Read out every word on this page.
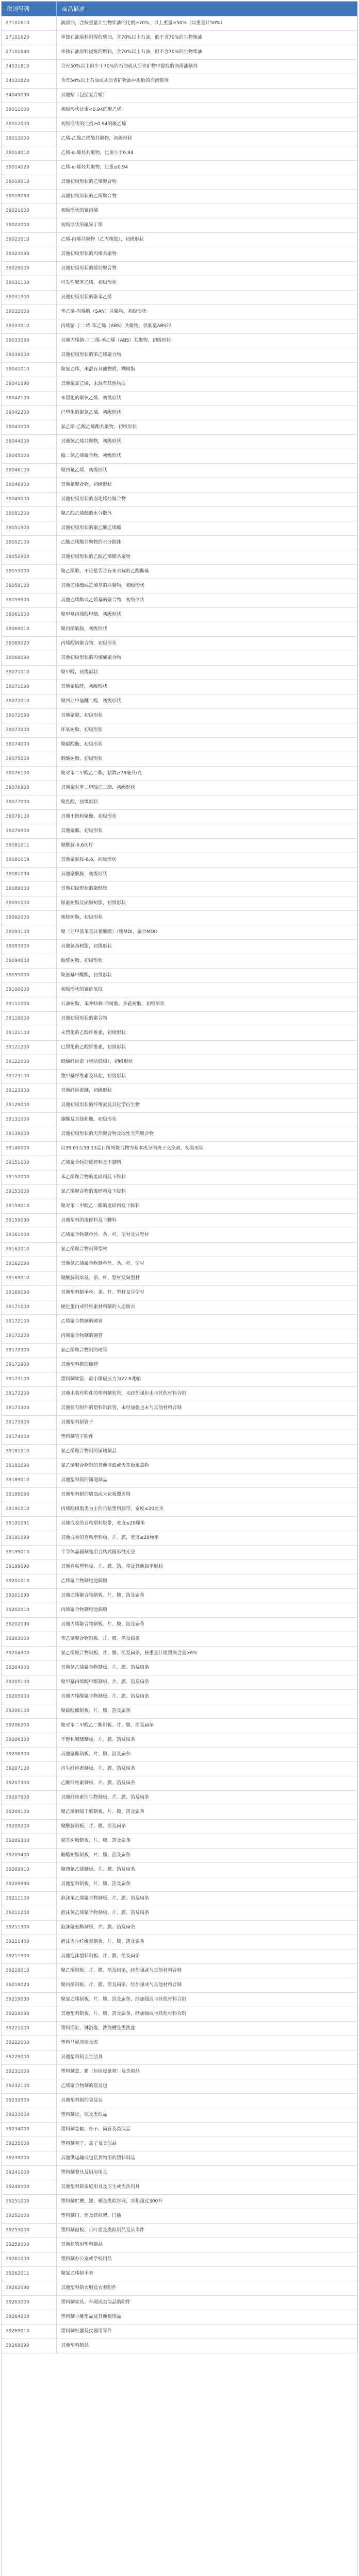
税则号列	商品描述
27101610	润滑油，含按重量计生物柴油的比例≥70%，以上重量≥50%（以重量计50%）
27101620	单独石油原料制得的柴油，含70%以上石油，低于含70%的生物柴油
27101640	单独石油原料提炼的燃料，含70%以上石油，但不含70%的生物柴油
34031810	合有50%以上但少于70%的石油或从沥青矿物中提取的润滑油制剂
34031820	含有50%以上石油或从沥青矿物油中提取的润滑制剂
34049090	其他蜡（包括复合蜡）
39011000	初级形状比重<0.94的聚乙烯
39012000	初级形状的比重≥0.94的聚乙烯
39013000	乙烯-乙酸乙烯酯共聚物，初级形状
39014010	乙烯-α-烯烃共聚物，比重小于0.94
39014020	乙烯-α-烯烃共聚物，比重≥0.94
39019010	其他初级形状的乙烯聚合物
39019090	其他初级形状的乙烯聚合物
39021000	初级形状的聚丙烯
39022000	初级形状的聚异丁烯
39023010	乙烯-丙烯共聚物（乙丙橡胶），初级形状
39023090	其他初级形状的丙烯共聚物
39029000	其他初级形状的烯烃聚合物
39031100	可发性聚苯乙烯，初级形状
39031900	其他初级形状的聚苯乙烯
39032000	苯乙烯-丙烯腈（SAN）共聚物，初级形状
39033010	丙烯腈-丁二烯-苯乙烯（ABS）共聚物，供制造ABS的
39033090	其他丙烯腈-丁二烯-苯乙烯（ABS）共聚物，初级形状
39039000	其他初级形状的苯乙烯聚合物
39041010	聚氯乙烯，未混有其他物质，糊树脂
39041090	其他聚氯乙烯，未混有其他物质
39042100	未塑化的聚氯乙烯，初级形状
39042200	已塑化的聚氯乙烯，初级形状
39043000	氯乙烯-乙酸乙烯酯共聚物，初级形状
39044000	其他氯乙烯共聚物，初级形状
39045000	偏二氯乙烯聚合物，初级形状
39046100	聚四氟乙烯，初级形状
39046900	其他氟聚合物，初级形状
39049000	其他初级形状的卤化烯烃聚合物
39051200	聚乙酸乙烯酯的水分散体
39051900	其他初级形状的聚乙酸乙烯酯
39052100	乙酸乙烯酯共聚物的水分散体
39052900	其他初级形状的乙酸乙烯酯共聚物
39053000	聚乙烯醇，不论是否含有未水解的乙酸酯基
39059100	其他乙烯酯或乙烯基的共聚物，初级形状
39059900	其他乙烯酯或乙烯基的聚合物，初级形状
39061000	聚甲基丙烯酸甲酯，初级形状
39069010	聚丙烯酰胺，初级形状
39069020	丙烯酸钠聚合物，初级形状
39069090	其他初级形状的丙烯酸聚合物
39071010	聚甲醛，初级形状
39071090	其他聚缩醛，初级形状
39072010	聚四亚甲基醚二醇，初级形状
39072090	其他聚醚，初级形状
39073000	环氧树脂，初级形状
39074000	聚碳酸酯，初级形状
39075000	醇酸树脂，初级形状
39076100	聚对苯二甲酸乙二酯，粘数≥78毫升/克
39076900	其他聚对苯二甲酸乙二酯，初级形状
39077000	聚乳酸，初级形状
39079100	其他不饱和聚酯，初级形状
39079900	其他聚酯，初级形状
39081011	聚酰胺-6,6切片
39081019	其他聚酰胺-6,6，初级形状
39081090	其他聚酰胺，初级形状
39089000	其他初级形状的聚酰胺
39091000	尿素树脂及硫脲树脂，初级形状
39092000	蜜胺树脂，初级形状
39093100	聚（亚甲基苯基异氰酸酯）（粗MDI，聚合MDI）
39093900	其他氨基树脂，初级形状
39094000	酚醛树脂，初级形状
39095000	聚氨基甲酸酯，初级形状
39100000	初级形状的聚硅氧烷
39111000	石油树脂、苯并呋喃-茚树脂、多萜树脂，初级形状
39119000	其他初级形状的聚合物
39121100	未塑化的乙酸纤维素，初级形状
39121200	已塑化的乙酸纤维素，初级形状
39122000	硝酸纤维素（包括胶棉），初级形状
39123100	羧甲基纤维素及其盐，初级形状
39123900	其他纤维素醚，初级形状
39129000	其他初级形状的纤维素及其化学衍生物
39131000	藻酸及其盐和酯，初级形状
39139000	其他初级形状的天然聚合物及改性天然聚合物
39140000	以39.01至39.13品目所列聚合物为基本成分的离子交换剂，初级形状
39151000	乙烯聚合物的废碎料及下脚料
39152000	苯乙烯聚合物的废碎料及下脚料
39153000	氯乙烯聚合物的废碎料及下脚料
39159010	聚对苯二甲酸乙二酯的废碎料及下脚料
39159090	其他塑料的废碎料及下脚料
39161000	乙烯聚合物制单丝、条、杆、型材及异型材
39162010	氯乙烯聚合物制异型材
39162090	其他氯乙烯聚合物制单丝、条、杆、型材
39169010	聚酰胺制单丝、条、杆、型材及异型材
39169090	其他塑料制单丝、条、杆、型材及异型材
39171000	硬化蛋白或纤维素材料制的人造肠衣
39172100	乙烯聚合物制的硬管
39172200	丙烯聚合物制的硬管
39172300	氯乙烯聚合物制的硬管
39172900	其他塑料制的硬管
39173100	塑料制软管，最小爆破压力为27.6兆帕
39173200	其他未装有附件的塑料制软管，未经加强也未与其他材料合制
39173300	其他装有附件的塑料制软管，未经加强也未与其他材料合制
39173900	其他塑料制管子
39174000	塑料制管子附件
39181010	氯乙烯聚合物制的铺地制品
39181090	氯乙烯聚合物制的其他墙面或天花板覆盖物
39189010	其他塑料制的铺地制品
39189090	其他塑料制的墙面或天花板覆盖物
39191010	丙烯酸树脂类为主的自粘塑料胶带，宽度≤20厘米
39191091	其他成卷的自粘塑料胶带，宽度≤20厘米
39191099	其他成卷的自粘塑料板、片、膜，宽度≤20厘米
39199010	半导体晶圆制造用自粘式圆形抛光垫
39199090	其他自粘塑料板、片、膜、箔、带及其他扁平形状
39201010	乙烯聚合物制电池隔膜
39201090	其他乙烯聚合物制板、片、膜、箔及扁条
39202010	丙烯聚合物制电池隔膜
39202090	其他丙烯聚合物制板、片、膜、箔及扁条
39203000	苯乙烯聚合物制板、片、膜、箔及扁条
39204300	氯乙烯聚合物制板、片、膜、箔及扁条，按重量计增塑剂含量≥6%
39204900	其他氯乙烯聚合物制板、片、膜、箔及扁条
39205100	聚甲基丙烯酸甲酯制板、片、膜、箔及扁条
39205900	其他丙烯酸聚合物制板、片、膜、箔及扁条
39206100	聚碳酸酯制板、片、膜、箔及扁条
39206200	聚对苯二甲酸乙二酯制板、片、膜、箔及扁条
39206300	不饱和聚酯制板、片、膜、箔及扁条
39206900	其他聚酯制板、片、膜、箔及扁条
39207100	再生纤维素制板、片、膜、箔及扁条
39207300	乙酸纤维素制板、片、膜、箔及扁条
39207900	其他纤维素衍生物制板、片、膜、箔及扁条
39209100	聚乙烯醇缩丁醛制板、片、膜、箔及扁条
39209200	聚酰胺制板、片、膜、箔及扁条
39209300	氨基树脂制板、片、膜、箔及扁条
39209400	酚醛树脂制板、片、膜、箔及扁条
39209910	聚四氟乙烯制板、片、膜、箔及扁条
39209990	其他塑料制板、片、膜、箔及扁条
39211100	泡沫苯乙烯聚合物制板、片、膜、箔及扁条
39211200	泡沫氯乙烯聚合物制板、片、膜、箔及扁条
39211300	泡沫聚氨酯制板、片、膜、箔及扁条
39211400	泡沫再生纤维素制板、片、膜、箔及扁条
39211900	其他泡沫塑料制板、片、膜、箔及扁条
39219010	聚乙烯制板、片、膜、箔及扁条，经加强或与其他材料合制
39219020	聚丙烯制板、片、膜、箔及扁条，经加强或与其他材料合制
39219030	聚氯乙烯制板、片、膜、箔及扁条，经加强或与其他材料合制
39219090	其他塑料制板、片、膜、箔及扁条，经加强或与其他材料合制
39221000	塑料浴缸、淋浴盘、洗涤槽及盥洗盆
39222000	塑料马桶座圈及盖
39229000	其他塑料制卫生洁具
39231000	塑料制盒、箱（包括板条箱）及类似品
39232100	乙烯聚合物制的袋及包
39232900	其他塑料制的袋及包
39233000	塑料制坛、瓶及类似品
39234000	塑料制卷轴、纡子、筒管及类似品
39235000	塑料制塞子、盖子及类似品
39239000	其他供运输或包装货物用的塑料制品
39241000	塑料制餐具及厨房用具
39249000	其他塑料制家庭用具及卫生或盥洗用具
39251000	塑料制贮槽、罐、桶及类似容器，容积超过300升
39252000	塑料制门、窗及其框架、门槛
39253000	塑料制窗板、百叶窗及类似制品及其零件
39259000	其他建筑用塑料制品
39261000	塑料制办公室或学校用品
39262011	聚氯乙烯制手套
39262090	其他塑料制衣服及衣着附件
39263000	塑料制家具、车厢或类似品的附件
39264000	塑料制小雕塑品及其他装饰品
39269010	塑料制机器及仪器用零件
39269090	其他塑料制品
